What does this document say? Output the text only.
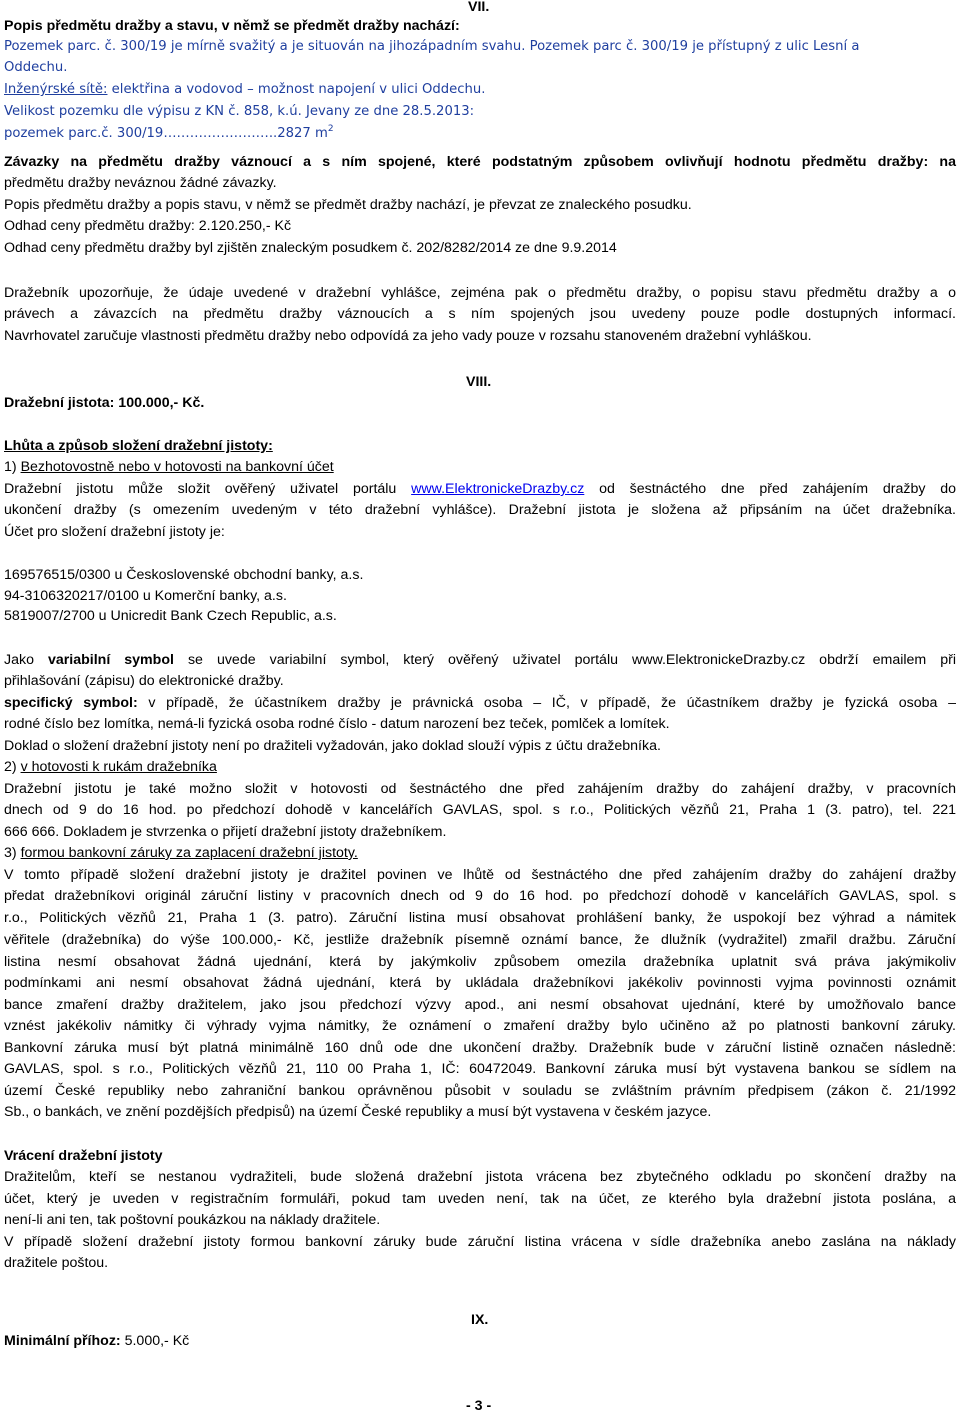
VII.
Popis předmětu dražby a stavu, v němž se předmět dražby nachází:
Pozemek parc. č. 300/19 je mírně svažitý a je situován na jihozápadním svahu. Pozemek parc č. 300/19 je přístupný z ulic Lesní a
Oddechu.
Inženýrské sítě: elektřina a vodovod – možnost napojení v ulici Oddechu.
Velikost pozemku dle výpisu z KN č. 858, k.ú. Jevany ze dne 28.5.2013:
pozemek parc.č. 300/19……………………..2827 $m^2$
Závazky na předmětu dražby váznoucí a s ním spojené, které podstatným způsobem ovlivňují hodnotu předmětu dražby: na
předmětu dražby neváznou žádné závazky.
Popis předmětu dražby a popis stavu, v němž se předmět dražby nachází, je převzat ze znaleckého posudku.
Odhad ceny předmětu dražby: 2.120.250,- Kč
Odhad ceny předmětu dražby byl zjištěn znaleckým posudkem č. 202/8282/2014 ze dne 9.9.2014
Dražebník upozorňuje, že údaje uvedené v dražební vyhlášce, zejména pak o předmětu dražby, o popisu stavu předmětu dražby a o
právech a závazcích na předmětu dražby váznoucích a s ním spojených jsou uvedeny pouze podle dostupných informací.
Navrhovatel zaručuje vlastnosti předmětu dražby nebo odpovídá za jeho vady pouze v rozsahu stanoveném dražební vyhláškou.
VIII.
Dražební jistota: 100.000,- Kč.
Lhůta a způsob složení dražební jistoty:
1) Bezhotovostně nebo v hotovosti na bankovní účet
Dražební jistotu může složit ověřený uživatel portálu www.ElektronickeDrazby.cz od šestnáctého dne před zahájením dražby do
ukončení dražby (s omezením uvedeným v této dražební vyhlášce). Dražební jistota je složena až připsáním na účet dražebníka.
Účet pro složení dražební jistoty je:
169576515/0300 u Československé obchodní banky, a.s.
94-3106320217/0100 u Komerční banky, a.s.
5819007/2700 u Unicredit Bank Czech Republic, a.s.
Jako variabilní symbol se uvede variabilní symbol, který ověřený uživatel portálu www.ElektronickeDrazby.cz obdrží emailem při
přihlašování (zápisu) do elektronické dražby.
specifický symbol: v případě, že účastníkem dražby je právnická osoba – IČ, v případě, že účastníkem dražby je fyzická osoba –
rodné číslo bez lomítka, nemá-li fyzická osoba rodné číslo - datum narození bez teček, pomlček a lomítek.
Doklad o složení dražební jistoty není po dražiteli vyžadován, jako doklad slouží výpis z účtu dražebníka.
2) v hotovosti k rukám dražebníka
Dražební jistotu je také možno složit v hotovosti od šestnáctého dne před zahájením dražby do zahájení dražby, v pracovních
dnech od 9 do 16 hod. po předchozí dohodě v kancelářích GAVLAS, spol. s r.o., Politických vězňů 21, Praha 1 (3. patro), tel. 221
666 666. Dokladem je stvrzenka o přijetí dražební jistoty dražebníkem.
3) formou bankovní záruky za zaplacení dražební jistoty.
V tomto případě složení dražební jistoty je dražitel povinen ve lhůtě od šestnáctého dne před zahájením dražby do zahájení dražby
předat dražebníkovi originál záruční listiny v pracovních dnech od 9 do 16 hod. po předchozí dohodě v kancelářích GAVLAS, spol. s
r.o., Politických vězňů 21, Praha 1 (3. patro). Záruční listina musí obsahovat prohlášení banky, že uspokojí bez výhrad a námitek
věřitele (dražebníka) do výše 100.000,- Kč, jestliže dražebník písemně oznámí bance, že dlužník (vydražitel) zmařil dražbu. Záruční
listina nesmí obsahovat žádná ujednání, která by jakýmkoliv způsobem omezila dražebníka uplatnit svá práva jakýmikoliv
podmínkami ani nesmí obsahovat žádná ujednání, která by ukládala dražebníkovi jakékoliv povinnosti vyjma povinnosti oznámit
bance zmaření dražby dražitelem, jako jsou předchozí výzvy apod., ani nesmí obsahovat ujednání, které by umožňovalo bance
vznést jakékoliv námitky či výhrady vyjma námitky, že oznámení o zmaření dražby bylo učiněno až po platnosti bankovní záruky.
Bankovní záruka musí být platná minimálně 160 dnů ode dne ukončení dražby. Dražebník bude v záruční listině označen následně:
GAVLAS, spol. s r.o., Politických vězňů 21, 110 00 Praha 1, IČ: 60472049. Bankovní záruka musí být vystavena bankou se sídlem na
území České republiky nebo zahraniční bankou oprávněnou působit v souladu se zvláštním právním předpisem (zákon č. 21/1992
Sb., o bankách, ve znění pozdějších předpisů) na území České republiky a musí být vystavena v českém jazyce.
Vrácení dražební jistoty
Dražitelům, kteří se nestanou vydražiteli, bude složená dražební jistota vrácena bez zbytečného odkladu po skončení dražby na
účet, který je uveden v registračním formuláři, pokud tam uveden není, tak na účet, ze kterého byla dražební jistota poslána, a
není-li ani ten, tak poštovní poukázkou na náklady dražitele.
V případě složení dražební jistoty formou bankovní záruky bude záruční listina vrácena v sídle dražebníka anebo zaslána na náklady
dražitele poštou.
IX.
Minimální příhoz: 5.000,- Kč
- 3 -
